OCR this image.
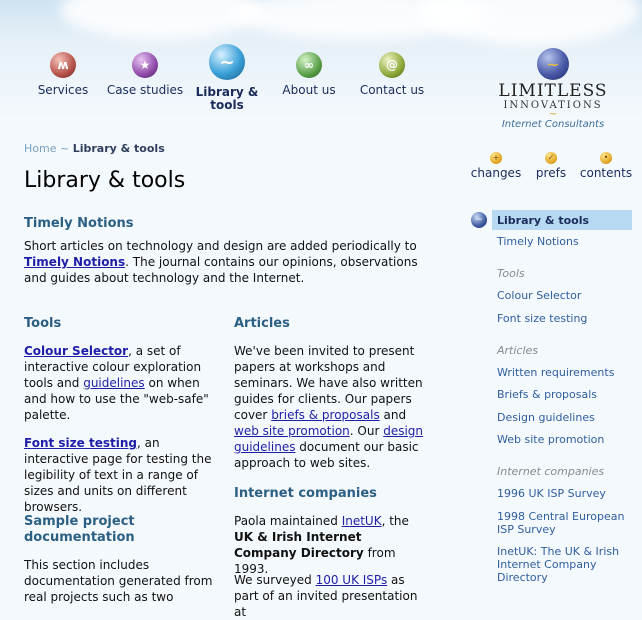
ʍ
Services
★
Case studies
~
Library & tools
∞
About us
@
Contact us
~
LIMITLESS
INNOVATIONS
~
Internet Consultants
+
changes
✓
prefs
•
contents
Home ~ Library & tools
Library & tools
Timely Notions

Short articles on technology and design are added periodically to Timely Notions. The journal contains our opinions, observations and guides about technology and the Internet.

Tools

Colour Selector, a set of interactive colour exploration tools and guidelines on when and how to use the "web-safe" palette.

Font size testing, an interactive page for testing the legibility of text in a range of sizes and units on different browsers.

Sample project documentation

This section includes documentation generated from real projects such as two

Articles

We've been invited to present papers at workshops and seminars. We have also written guides for clients. Our papers cover briefs & proposals and web site promotion. Our design guidelines document our basic approach to web sites.

Internet companies

Paola maintained InetUK, the UK & Irish Internet Company Directory from 1993.

We surveyed 100 UK ISPs as part of an invited presentation at

~	Library & tools
Timely Notions
Tools
Colour Selector
Font size testing
Articles
Written requirements
Briefs & proposals
Design guidelines
Web site promotion
Internet companies
1996 UK ISP Survey
1998 Central European ISP Survey
InetUK: The UK & Irish Internet Company Directory
